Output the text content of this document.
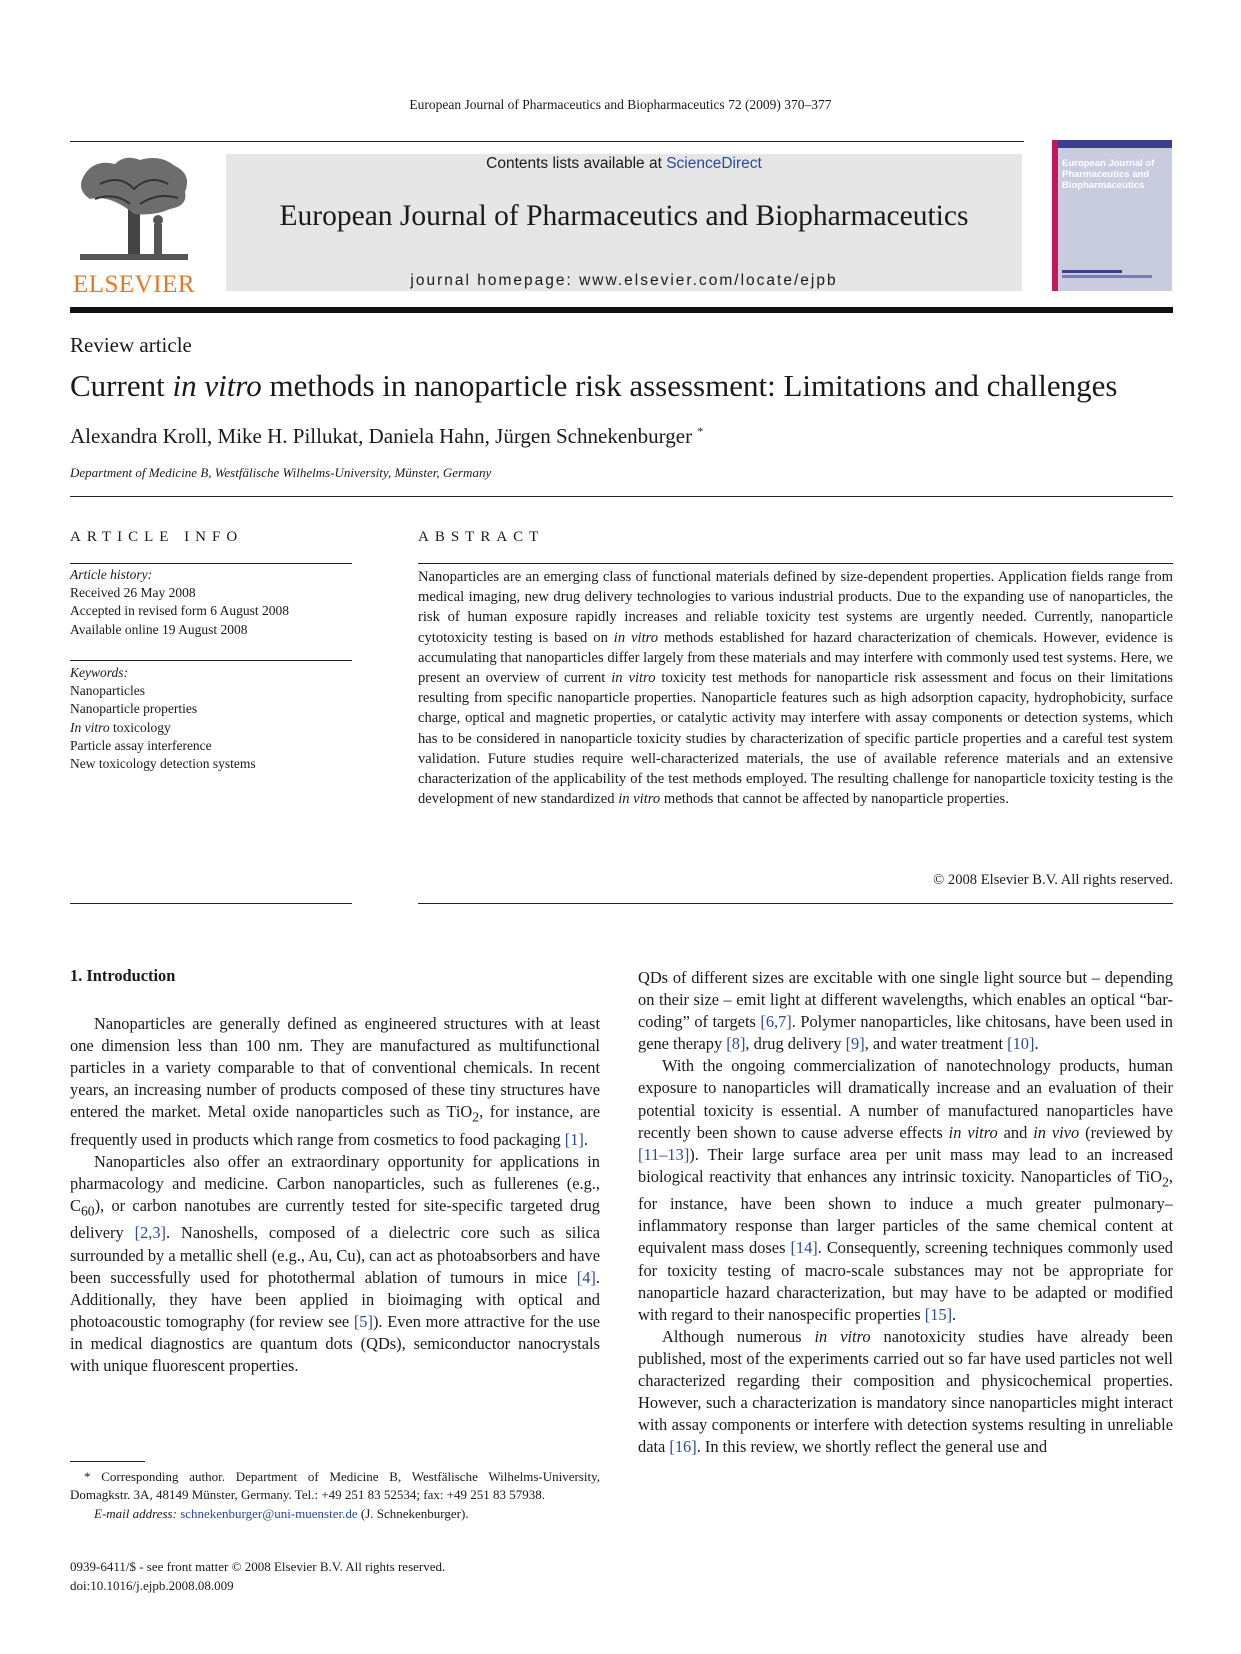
European Journal of Pharmaceutics and Biopharmaceutics 72 (2009) 370–377
ELSEVIER
Contents lists available at ScienceDirect
European Journal of Pharmaceutics and Biopharmaceutics
journal homepage: www.elsevier.com/locate/ejpb
European Journal of Pharmaceutics and Biopharmaceutics
Review article
Current in vitro methods in nanoparticle risk assessment: Limitations and challenges
Alexandra Kroll, Mike H. Pillukat, Daniela Hahn, Jürgen Schnekenburger *
Department of Medicine B, Westfälische Wilhelms-University, Münster, Germany
ARTICLE INFO
Article history:
Received 26 May 2008
Accepted in revised form 6 August 2008
Available online 19 August 2008
Keywords:
Nanoparticles
Nanoparticle properties
In vitro toxicology
Particle assay interference
New toxicology detection systems
ABSTRACT
Nanoparticles are an emerging class of functional materials defined by size-dependent properties. Application fields range from medical imaging, new drug delivery technologies to various industrial products. Due to the expanding use of nanoparticles, the risk of human exposure rapidly increases and reliable toxicity test systems are urgently needed. Currently, nanoparticle cytotoxicity testing is based on in vitro methods established for hazard characterization of chemicals. However, evidence is accumulating that nanoparticles differ largely from these materials and may interfere with commonly used test systems. Here, we present an overview of current in vitro toxicity test methods for nanoparticle risk assessment and focus on their limitations resulting from specific nanoparticle properties. Nanoparticle features such as high adsorption capacity, hydrophobicity, surface charge, optical and magnetic properties, or catalytic activity may interfere with assay components or detection systems, which has to be considered in nanoparticle toxicity studies by characterization of specific particle properties and a careful test system validation. Future studies require well-characterized materials, the use of available reference materials and an extensive characterization of the applicability of the test methods employed. The resulting challenge for nanoparticle toxicity testing is the development of new standardized in vitro methods that cannot be affected by nanoparticle properties.
© 2008 Elsevier B.V. All rights reserved.
1. Introduction

Nanoparticles are generally defined as engineered structures with at least one dimension less than 100 nm. They are manufactured as multifunctional particles in a variety comparable to that of conventional chemicals. In recent years, an increasing number of products composed of these tiny structures have entered the market. Metal oxide nanoparticles such as TiO$_2$, for instance, are frequently used in products which range from cosmetics to food packaging [1].

Nanoparticles also offer an extraordinary opportunity for applications in pharmacology and medicine. Carbon nanoparticles, such as fullerenes (e.g., $C_{60}$), or carbon nanotubes are currently tested for site-specific targeted drug delivery [2,3]. Nanoshells, composed of a dielectric core such as silica surrounded by a metallic shell (e.g., Au, Cu), can act as photoabsorbers and have been successfully used for photothermal ablation of tumours in mice [4]. Additionally, they have been applied in bioimaging with optical and photoacoustic tomography (for review see [5]). Even more attractive for the use in medical diagnostics are quantum dots (QDs), semiconductor nanocrystals with unique fluorescent properties.

QDs of different sizes are excitable with one single light source but – depending on their size – emit light at different wavelengths, which enables an optical “bar-coding” of targets [6,7]. Polymer nanoparticles, like chitosans, have been used in gene therapy [8], drug delivery [9], and water treatment [10].

With the ongoing commercialization of nanotechnology products, human exposure to nanoparticles will dramatically increase and an evaluation of their potential toxicity is essential. A number of manufactured nanoparticles have recently been shown to cause adverse effects in vitro and in vivo (reviewed by [11–13]). Their large surface area per unit mass may lead to an increased biological reactivity that enhances any intrinsic toxicity. Nanoparticles of TiO$_2$, for instance, have been shown to induce a much greater pulmonary–inflammatory response than larger particles of the same chemical content at equivalent mass doses [14]. Consequently, screening techniques commonly used for toxicity testing of macro-scale substances may not be appropriate for nanoparticle hazard characterization, but may have to be adapted or modified with regard to their nanospecific properties [15].

Although numerous in vitro nanotoxicity studies have already been published, most of the experiments carried out so far have used particles not well characterized regarding their composition and physicochemical properties. However, such a characterization is mandatory since nanoparticles might interact with assay components or interfere with detection systems resulting in unreliable data [16]. In this review, we shortly reflect the general use and

* Corresponding author. Department of Medicine B, Westfälische Wilhelms-University, Domagkstr. 3A, 48149 Münster, Germany. Tel.: +49 251 83 52534; fax: +49 251 83 57938.

E-mail address: schnekenburger@uni-muenster.de (J. Schnekenburger).

0939-6411/$ - see front matter © 2008 Elsevier B.V. All rights reserved.
doi:10.1016/j.ejpb.2008.08.009
